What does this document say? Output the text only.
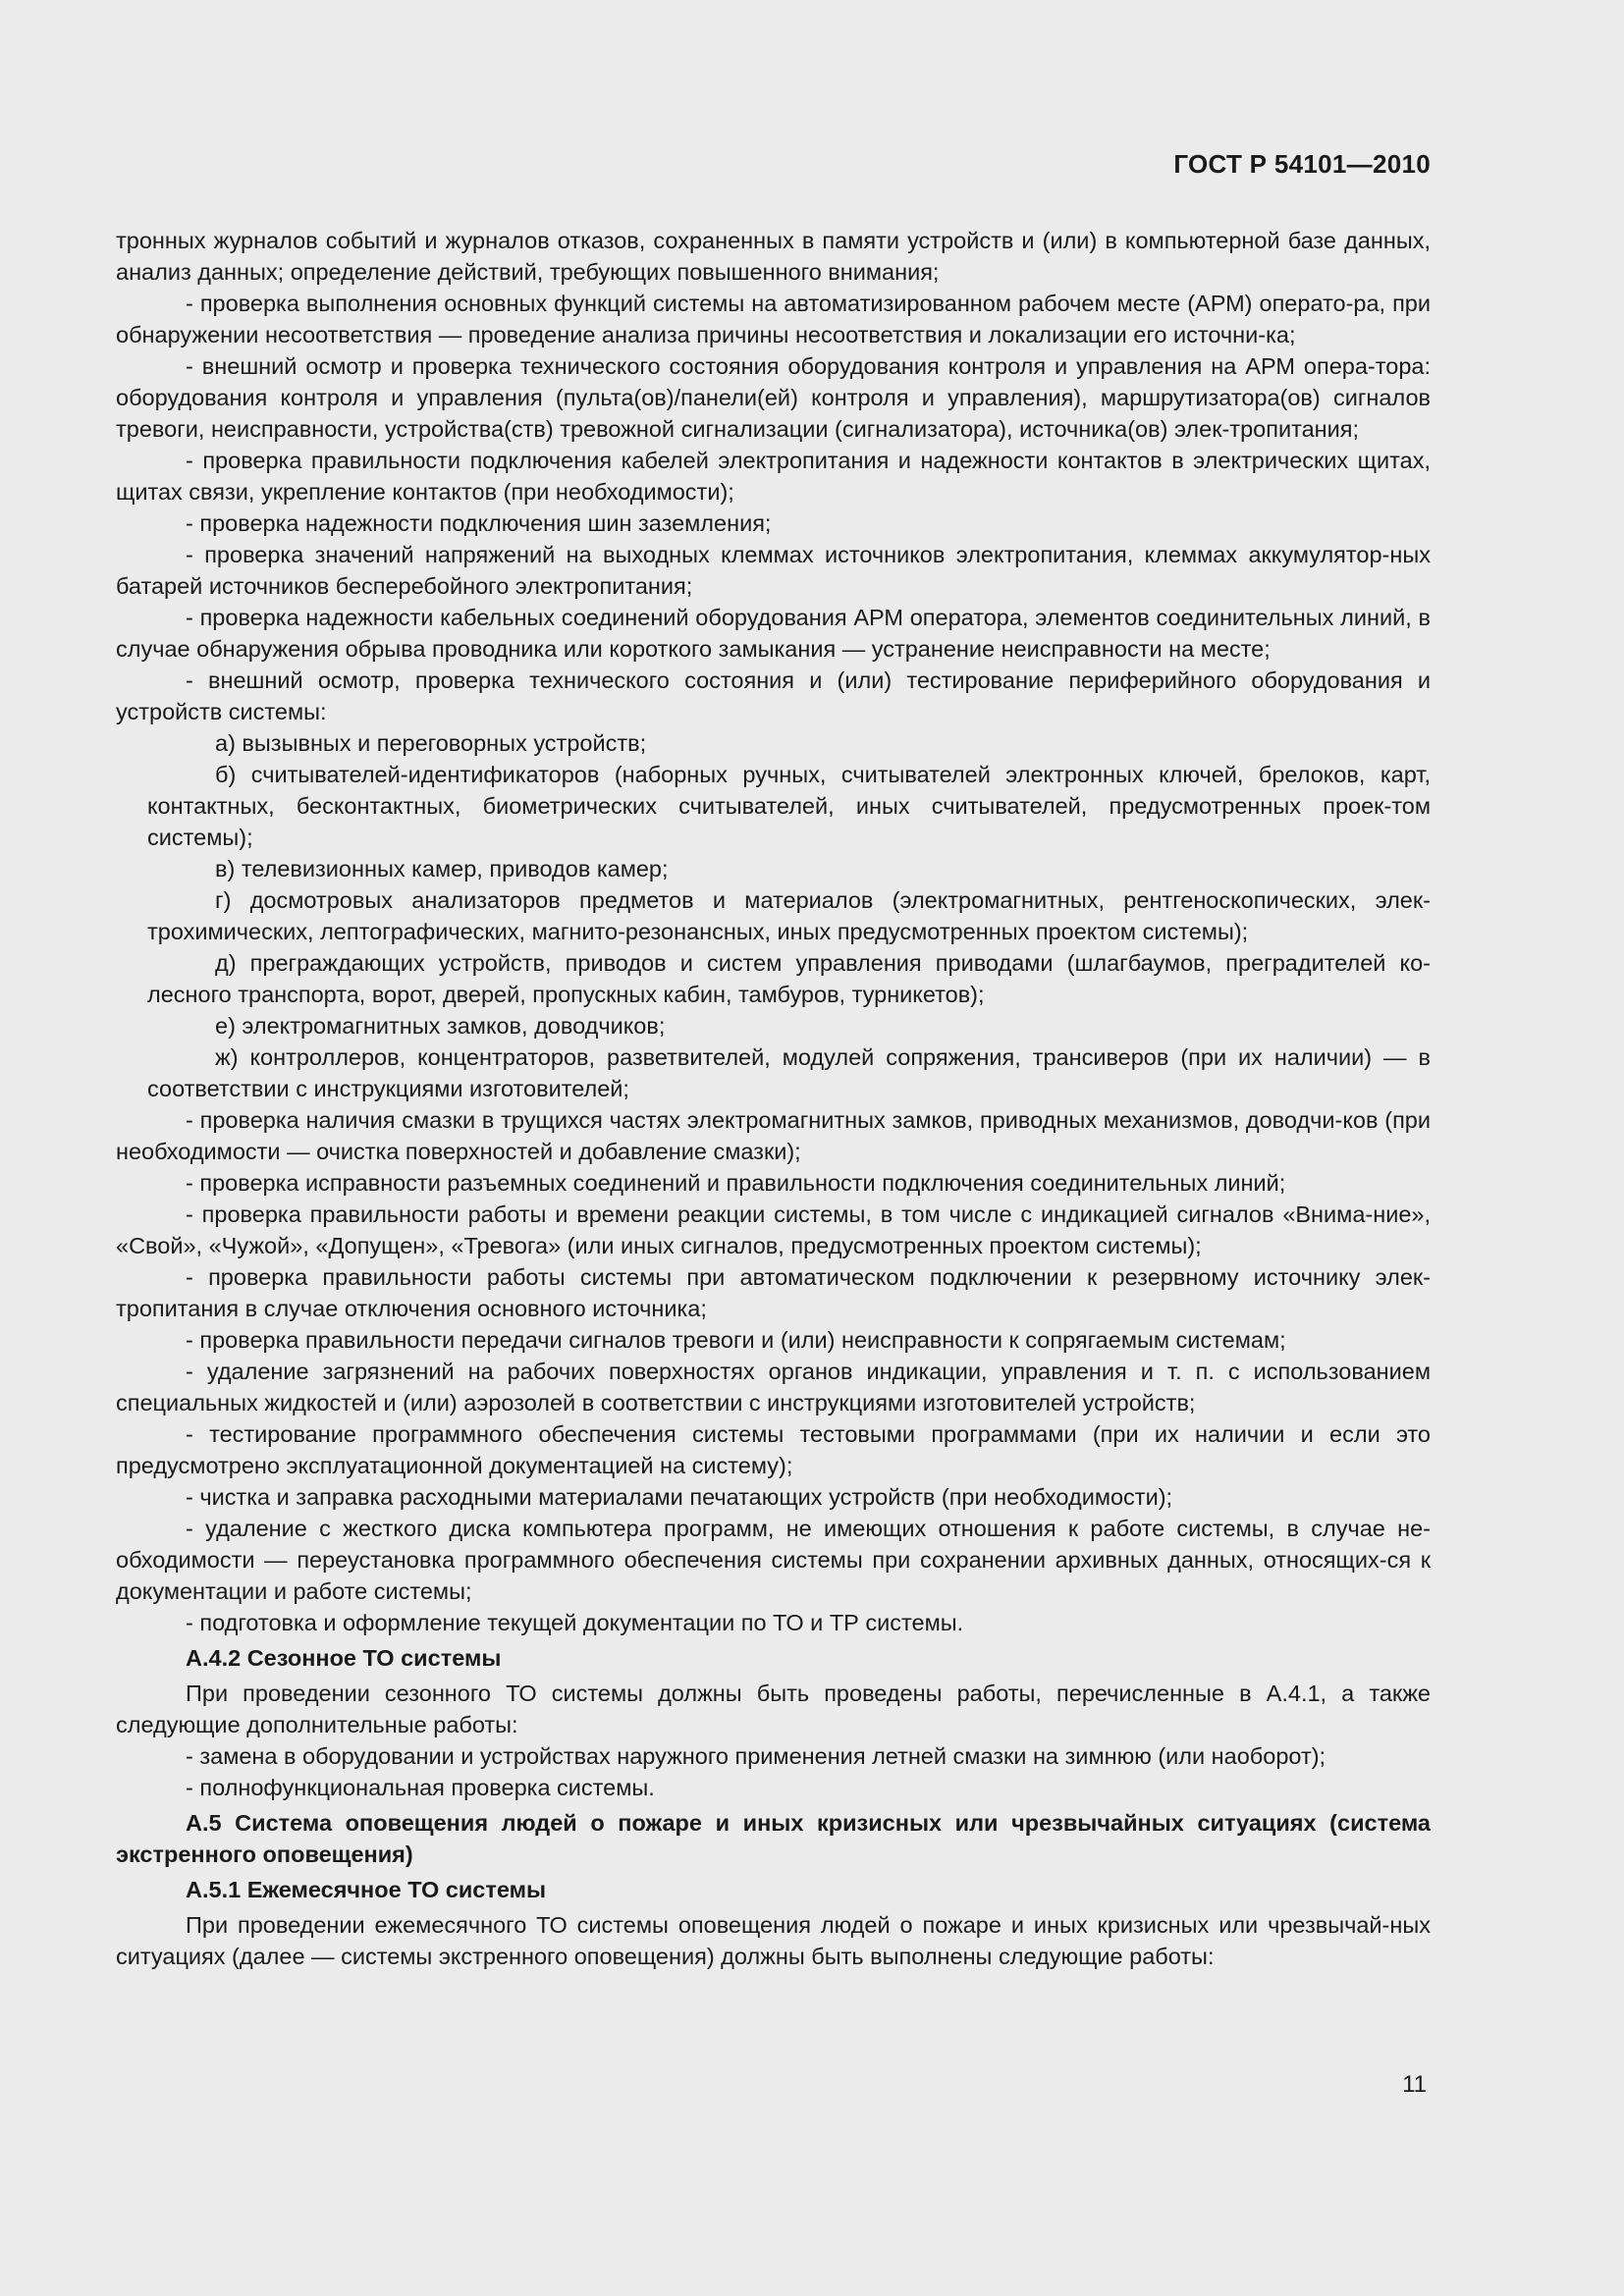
ГОСТ Р 54101—2010

тронных журналов событий и журналов отказов, сохраненных в памяти устройств и (или) в компьютерной базе данных, анализ данных; определение действий, требующих повышенного внимания;

- проверка выполнения основных функций системы на автоматизированном рабочем месте (АРМ) операто-ра, при обнаружении несоответствия — проведение анализа причины несоответствия и локализации его источни-ка;

- внешний осмотр и проверка технического состояния оборудования контроля и управления на АРМ опера-тора: оборудования контроля и управления (пульта(ов)/панели(ей) контроля и управления), маршрутизатора(ов) сигналов тревоги, неисправности, устройства(ств) тревожной сигнализации (сигнализатора), источника(ов) элек-тропитания;

- проверка правильности подключения кабелей электропитания и надежности контактов в электрических щитах, щитах связи, укрепление контактов (при необходимости);

- проверка надежности подключения шин заземления;

- проверка значений напряжений на выходных клеммах источников электропитания, клеммах аккумулятор-ных батарей источников бесперебойного электропитания;

- проверка надежности кабельных соединений оборудования АРМ оператора, элементов соединительных линий, в случае обнаружения обрыва проводника или короткого замыкания — устранение неисправности на месте;

- внешний осмотр, проверка технического состояния и (или) тестирование периферийного оборудования и устройств системы:

а) вызывных и переговорных устройств;

б) считывателей-идентификаторов (наборных ручных, считывателей электронных ключей, брелоков, карт, контактных, бесконтактных, биометрических считывателей, иных считывателей, предусмотренных проек-том системы);

в) телевизионных камер, приводов камер;

г) досмотровых анализаторов предметов и материалов (электромагнитных, рентгеноскопических, элек-трохимических, лептографических, магнито-резонансных, иных предусмотренных проектом системы);

д) преграждающих устройств, приводов и систем управления приводами (шлагбаумов, преградителей ко-лесного транспорта, ворот, дверей, пропускных кабин, тамбуров, турникетов);

е) электромагнитных замков, доводчиков;

ж) контроллеров, концентраторов, разветвителей, модулей сопряжения, трансиверов (при их наличии) — в соответствии с инструкциями изготовителей;

- проверка наличия смазки в трущихся частях электромагнитных замков, приводных механизмов, доводчи-ков (при необходимости — очистка поверхностей и добавление смазки);

- проверка исправности разъемных соединений и правильности подключения соединительных линий;

- проверка правильности работы и времени реакции системы, в том числе с индикацией сигналов «Внима-ние», «Свой», «Чужой», «Допущен», «Тревога» (или иных сигналов, предусмотренных проектом системы);

- проверка правильности работы системы при автоматическом подключении к резервному источнику элек-тропитания в случае отключения основного источника;

- проверка правильности передачи сигналов тревоги и (или) неисправности к сопрягаемым системам;

- удаление загрязнений на рабочих поверхностях органов индикации, управления и т. п. с использованием специальных жидкостей и (или) аэрозолей в соответствии с инструкциями изготовителей устройств;

- тестирование программного обеспечения системы тестовыми программами (при их наличии и если это предусмотрено эксплуатационной документацией на систему);

- чистка и заправка расходными материалами печатающих устройств (при необходимости);

- удаление с жесткого диска компьютера программ, не имеющих отношения к работе системы, в случае не-обходимости — переустановка программного обеспечения системы при сохранении архивных данных, относящих-ся к документации и работе системы;

- подготовка и оформление текущей документации по ТО и ТР системы.

А.4.2 Сезонное ТО системы

При проведении сезонного ТО системы должны быть проведены работы, перечисленные в А.4.1, а также следующие дополнительные работы:

- замена в оборудовании и устройствах наружного применения летней смазки на зимнюю (или наоборот);

- полнофункциональная проверка системы.

А.5 Система оповещения людей о пожаре и иных кризисных или чрезвычайных ситуациях (система экстренного оповещения)

А.5.1 Ежемесячное ТО системы

При проведении ежемесячного ТО системы оповещения людей о пожаре и иных кризисных или чрезвычай-ных ситуациях (далее — системы экстренного оповещения) должны быть выполнены следующие работы:

11
